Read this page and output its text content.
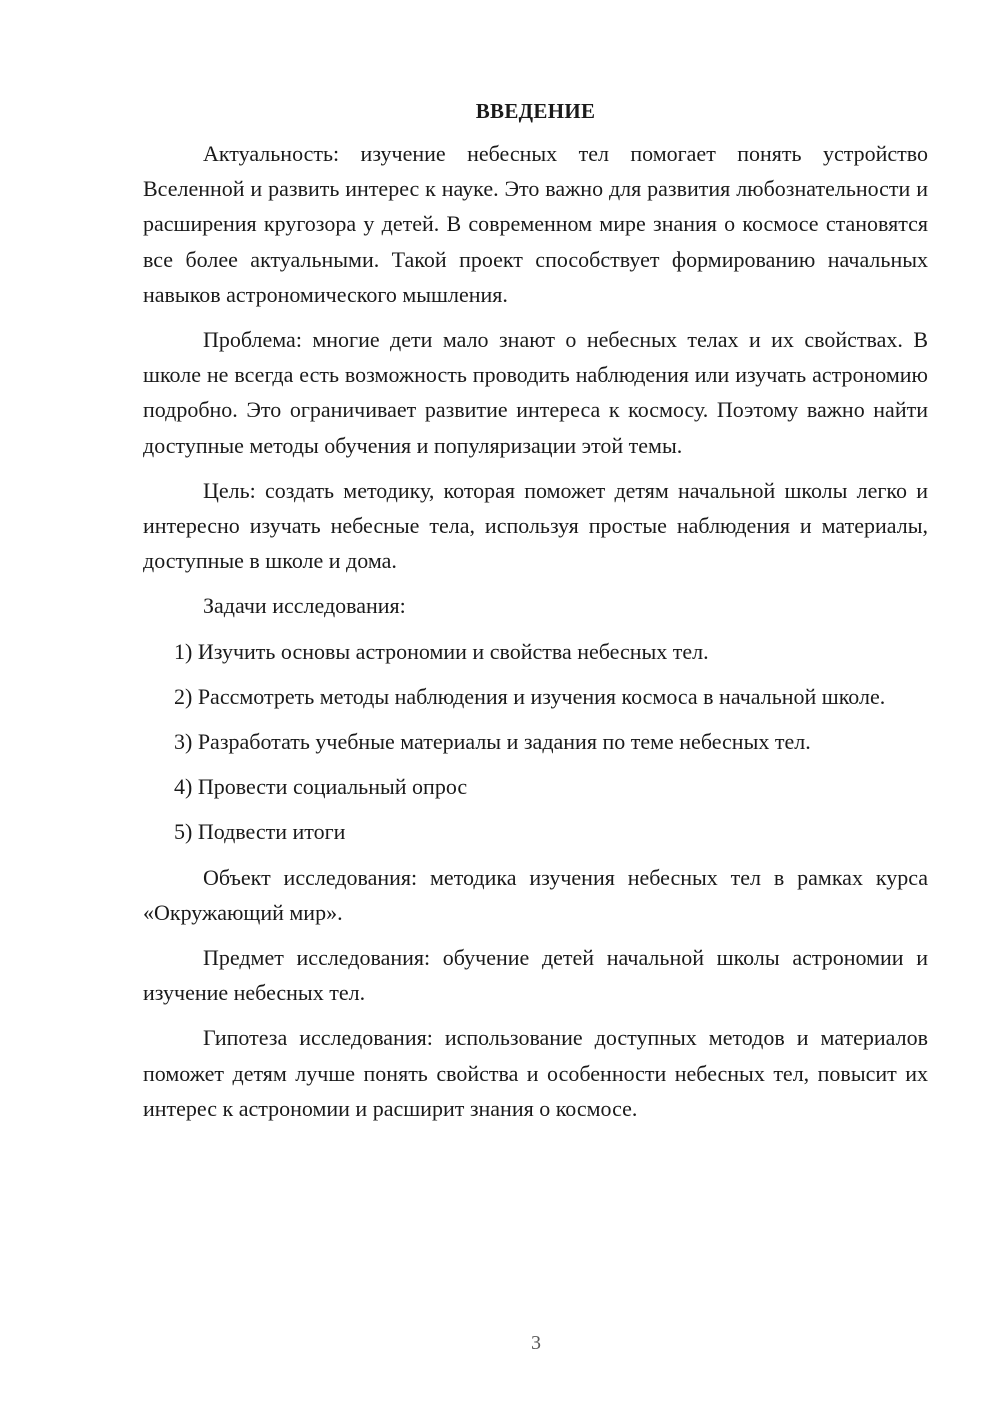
ВВЕДЕНИЕ

Актуальность: изучение небесных тел помогает понять устройство Вселенной и развить интерес к науке. Это важно для развития любознательности и расширения кругозора у детей. В современном мире знания о космосе становятся все более актуальными. Такой проект способствует формированию начальных навыков астрономического мышления.

Проблема: многие дети мало знают о небесных телах и их свойствах. В школе не всегда есть возможность проводить наблюдения или изучать астрономию подробно. Это ограничивает развитие интереса к космосу. Поэтому важно найти доступные методы обучения и популяризации этой темы.

Цель: создать методику, которая поможет детям начальной школы легко и интересно изучать небесные тела, используя простые наблюдения и материалы, доступные в школе и дома.

Задачи исследования:

1) Изучить основы астрономии и свойства небесных тел.

2) Рассмотреть методы наблюдения и изучения космоса в начальной школе.

3) Разработать учебные материалы и задания по теме небесных тел.

4) Провести социальный опрос

5) Подвести итоги

Объект исследования: методика изучения небесных тел в рамках курса «Окружающий мир».

Предмет исследования: обучение детей начальной школы астрономии и изучение небесных тел.

Гипотеза исследования: использование доступных методов и материалов поможет детям лучше понять свойства и особенности небесных тел, повысит их интерес к астрономии и расширит знания о космосе.

3
